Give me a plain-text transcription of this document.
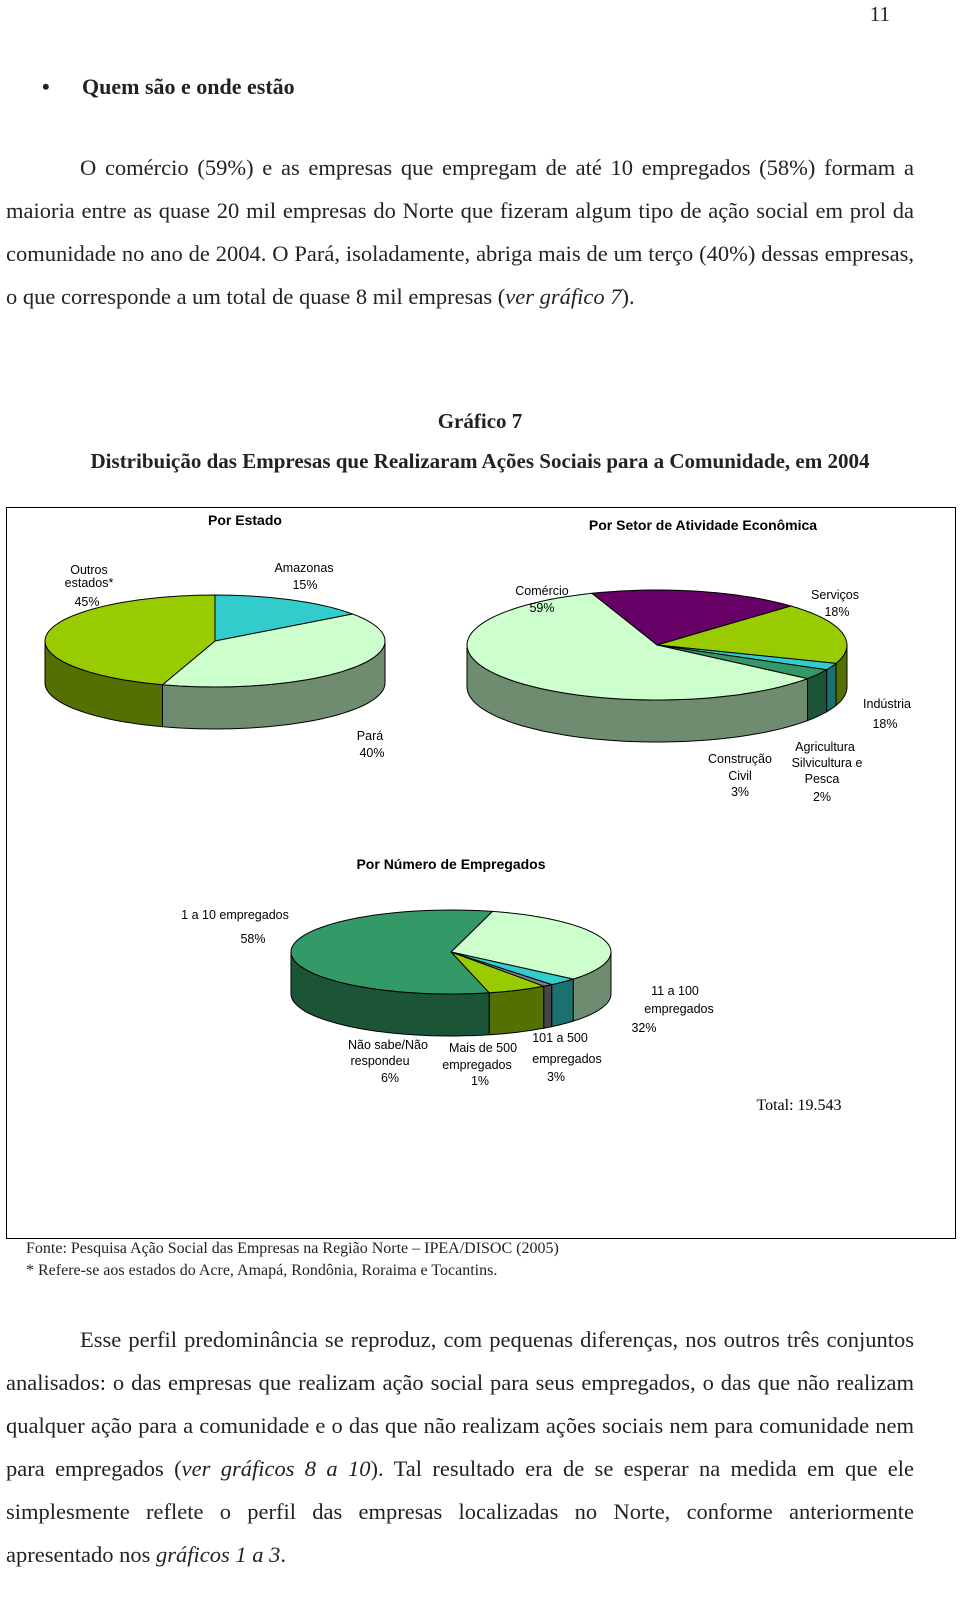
11
• Quem são e onde estão

O comércio (59%) e as empresas que empregam de até 10 empregados (58%) formam a maioria entre as quase 20 mil empresas do Norte que fizeram algum tipo de ação social em prol da comunidade no ano de 2004. O Pará, isoladamente, abriga mais de um terço (40%) dessas empresas, o que corresponde a um total de quase 8 mil empresas (ver gráfico 7).

Gráfico 7
Distribuição das Empresas que Realizaram Ações Sociais para a Comunidade, em 2004
Por Estado	Por Setor de Atividade Econômica
Por Número de Empregados
Outros estados*
45%
Amazonas
15%
Pará
40%
Comércio
59%
Serviços
18%
Indústria
18%
Agricultura Silvicultura e Pesca
2%
Construção Civil
3%
1 a 10 empregados
58%
11 a 100 empregados
32%
101 a 500 empregados
3%
Mais de 500 empregados
1%
Não sabe/Não respondeu
6%
Total: 19.543
Fonte: Pesquisa Ação Social das Empresas na Região Norte – IPEA/DISOC (2005)
* Refere-se aos estados do Acre, Amapá, Rondônia, Roraima e Tocantins.

Esse perfil predominância se reproduz, com pequenas diferenças, nos outros três conjuntos analisados: o das empresas que realizam ação social para seus empregados, o das que não realizam qualquer ação para a comunidade e o das que não realizam ações sociais nem para comunidade nem para empregados (ver gráficos 8 a 10). Tal resultado era de se esperar na medida em que ele simplesmente reflete o perfil das empresas localizadas no Norte, conforme anteriormente apresentado nos gráficos 1 a 3.
